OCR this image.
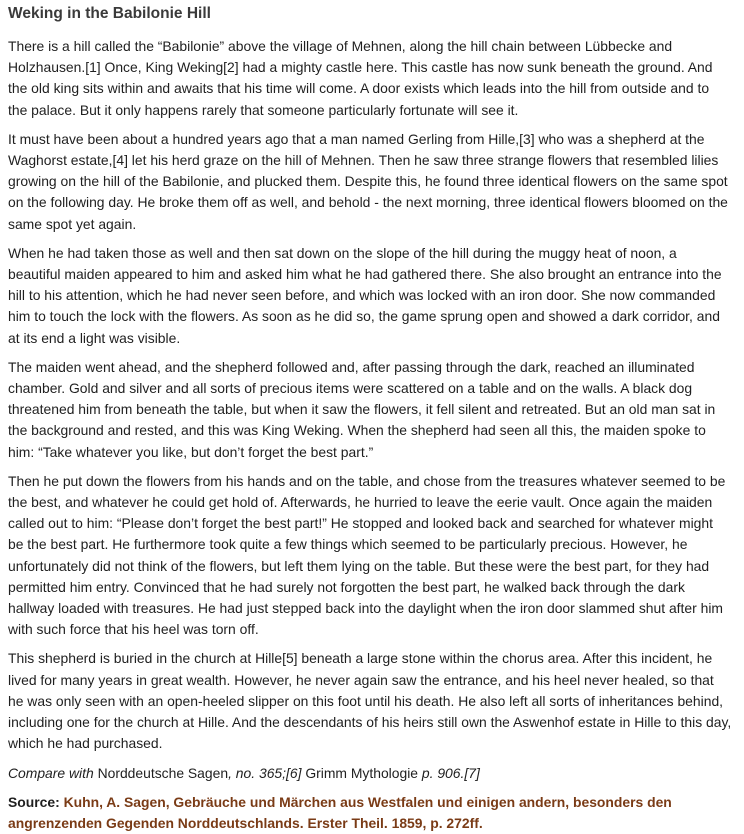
Weking in the Babilonie Hill

There is a hill called the “Babilonie” above the village of Mehnen, along the hill chain between Lübbecke and Holzhausen.[1] Once, King Weking[2] had a mighty castle here. This castle has now sunk beneath the ground. And the old king sits within and awaits that his time will come. A door exists which leads into the hill from outside and to the palace. But it only happens rarely that someone particularly fortunate will see it.

It must have been about a hundred years ago that a man named Gerling from Hille,[3] who was a shepherd at the Waghorst estate,[4] let his herd graze on the hill of Mehnen. Then he saw three strange flowers that resembled lilies growing on the hill of the Babilonie, and plucked them. Despite this, he found three identical flowers on the same spot on the following day. He broke them off as well, and behold - the next morning, three identical flowers bloomed on the same spot yet again.

When he had taken those as well and then sat down on the slope of the hill during the muggy heat of noon, a beautiful maiden appeared to him and asked him what he had gathered there. She also brought an entrance into the hill to his attention, which he had never seen before, and which was locked with an iron door. She now commanded him to touch the lock with the flowers. As soon as he did so, the game sprung open and showed a dark corridor, and at its end a light was visible.

The maiden went ahead, and the shepherd followed and, after passing through the dark, reached an illuminated chamber. Gold and silver and all sorts of precious items were scattered on a table and on the walls. A black dog threatened him from beneath the table, but when it saw the flowers, it fell silent and retreated. But an old man sat in the background and rested, and this was King Weking. When the shepherd had seen all this, the maiden spoke to him: “Take whatever you like, but don’t forget the best part.”

Then he put down the flowers from his hands and on the table, and chose from the treasures whatever seemed to be the best, and whatever he could get hold of. Afterwards, he hurried to leave the eerie vault. Once again the maiden called out to him: “Please don’t forget the best part!” He stopped and looked back and searched for whatever might be the best part. He furthermore took quite a few things which seemed to be particularly precious. However, he unfortunately did not think of the flowers, but left them lying on the table. But these were the best part, for they had permitted him entry. Convinced that he had surely not forgotten the best part, he walked back through the dark hallway loaded with treasures. He had just stepped back into the daylight when the iron door slammed shut after him with such force that his heel was torn off.

This shepherd is buried in the church at Hille[5] beneath a large stone within the chorus area. After this incident, he lived for many years in great wealth. However, he never again saw the entrance, and his heel never healed, so that he was only seen with an open-heeled slipper on this foot until his death. He also left all sorts of inheritances behind, including one for the church at Hille. And the descendants of his heirs still own the Aswenhof estate in Hille to this day, which he had purchased.

Compare with Norddeutsche Sagen, no. 365;[6] Grimm Mythologie p. 906.[7]

Source: Kuhn, A. Sagen, Gebräuche und Märchen aus Westfalen und einigen andern, besonders den angrenzenden Gegenden Norddeutschlands. Erster Theil. 1859, p. 272ff.
